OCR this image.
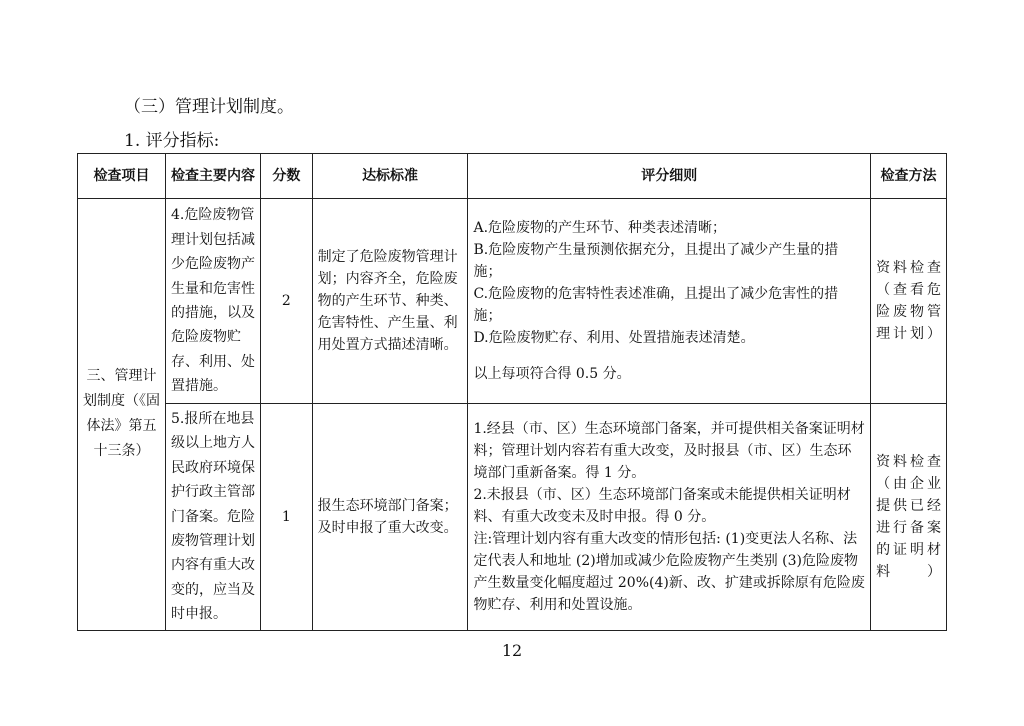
（三）管理计划制度。
1. 评分指标:
检查项目	检查主要内容	分数	达标标准	评分细则	检查方法
三、管理计划制度（《固体法》第五十三条）	4.危险废物管理计划包括减少危险废物产生量和危害性的措施，以及危险废物贮存、利用、处置措施。	2	制定了危险废物管理计划；内容齐全，危险废物的产生环节、种类、危害特性、产生量、利用处置方式描述清晰。	A.危险废物的产生环节、种类表述清晰；

B.危险废物产生量预测依据充分，且提出了减少产生量的措施；

C.危险废物的危害特性表述准确，且提出了减少危害性的措施；

D.危险废物贮存、利用、处置措施表述清楚。

以上每项符合得 0.5 分。	资料检查（查看危险废物管理计划）
	5.报所在地县级以上地方人民政府环境保护行政主管部门备案。危险废物管理计划内容有重大改变的，应当及时申报。	1	报生态环境部门备案；及时申报了重大改变。	1.经县（市、区）生态环境部门备案，并可提供相关备案证明材料；管理计划内容若有重大改变，及时报县（市、区）生态环境部门重新备案。得 1 分。

2.未报县（市、区）生态环境部门备案或未能提供相关证明材料、有重大改变未及时申报。得 0 分。

注:管理计划内容有重大改变的情形包括: (1)变更法人名称、法定代表人和地址 (2)增加或减少危险废物产生类别 (3)危险废物产生数量变化幅度超过 20%(4)新、改、扩建或拆除原有危险废物贮存、利用和处置设施。	资料检查（由企业提供已经进行备案的证明材料）
12
